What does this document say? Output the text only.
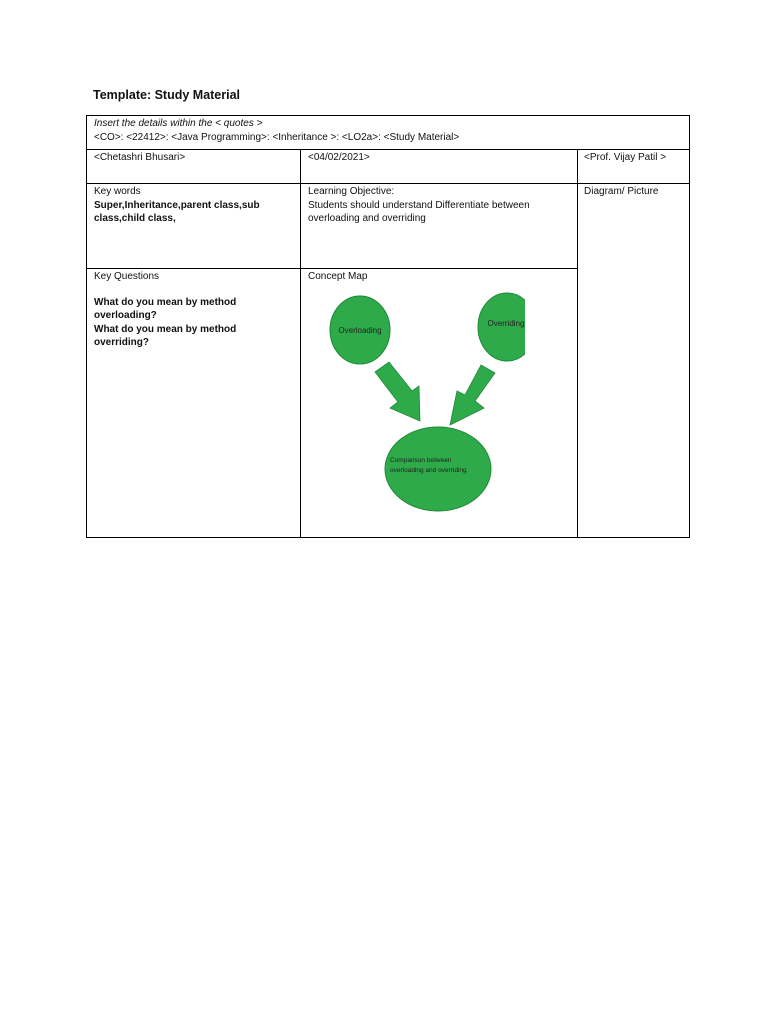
Template: Study Material
Insert the details within the < quotes >
<CO>: <22412>: <Java Programming>: <Inheritance >: <LO2a>: <Study Material>
<Chetashri Bhusari>	<04/02/2021>	<Prof. Vijay Patil >
Key words
Super,Inheritance,parent class,sub class,child class,
Learning Objective:
Students should understand Differentiate between overloading and overriding
Diagram/ Picture
Key Questions
What do you mean by method overloading?
What do you mean by method overriding?
Concept Map
Overloading
Overriding
Comparison between
overloading and overriding
